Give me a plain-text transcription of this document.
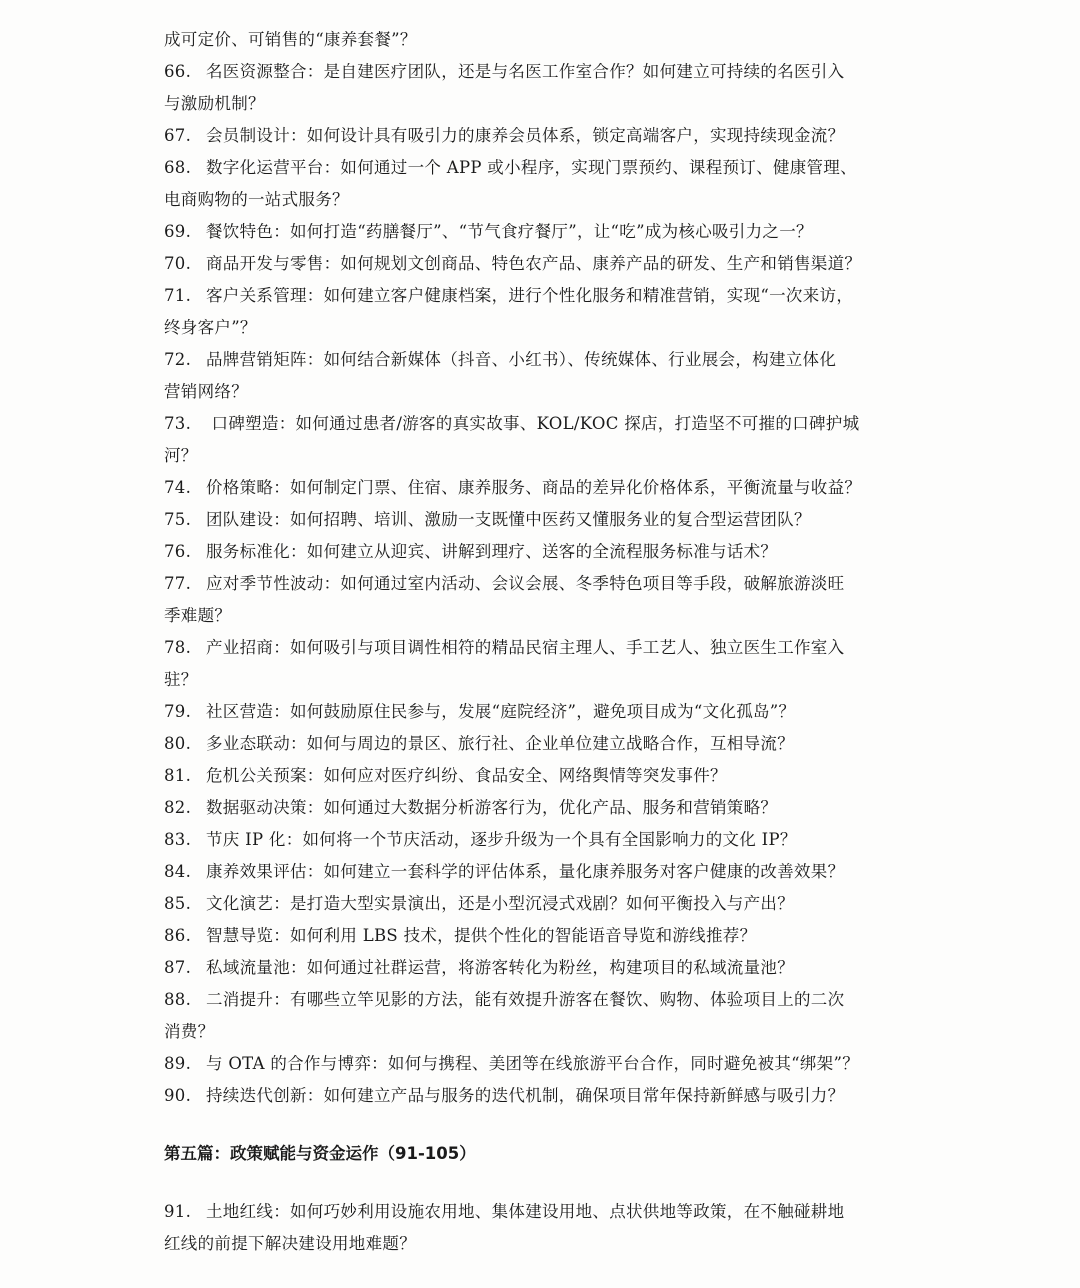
成可定价、可销售的“康养套餐”？
66. 名医资源整合：是自建医疗团队，还是与名医工作室合作？如何建立可持续的名医引入
与激励机制？
67. 会员制设计：如何设计具有吸引力的康养会员体系，锁定高端客户，实现持续现金流？
68. 数字化运营平台：如何通过一个 APP 或小程序，实现门票预约、课程预订、健康管理、
电商购物的一站式服务？
69. 餐饮特色：如何打造“药膳餐厅”、“节气食疗餐厅”，让“吃”成为核心吸引力之一？
70. 商品开发与零售：如何规划文创商品、特色农产品、康养产品的研发、生产和销售渠道？
71. 客户关系管理：如何建立客户健康档案，进行个性化服务和精准营销，实现“一次来访，
终身客户”？
72. 品牌营销矩阵：如何结合新媒体（抖音、小红书）、传统媒体、行业展会，构建立体化
营销网络？
73. 口碑塑造：如何通过患者/游客的真实故事、KOL/KOC 探店，打造坚不可摧的口碑护城
河？
74. 价格策略：如何制定门票、住宿、康养服务、商品的差异化价格体系，平衡流量与收益？
75. 团队建设：如何招聘、培训、激励一支既懂中医药又懂服务业的复合型运营团队？
76. 服务标准化：如何建立从迎宾、讲解到理疗、送客的全流程服务标准与话术？
77. 应对季节性波动：如何通过室内活动、会议会展、冬季特色项目等手段，破解旅游淡旺
季难题？
78. 产业招商：如何吸引与项目调性相符的精品民宿主理人、手工艺人、独立医生工作室入
驻？
79. 社区营造：如何鼓励原住民参与，发展“庭院经济”，避免项目成为“文化孤岛”？
80. 多业态联动：如何与周边的景区、旅行社、企业单位建立战略合作，互相导流？
81. 危机公关预案：如何应对医疗纠纷、食品安全、网络舆情等突发事件？
82. 数据驱动决策：如何通过大数据分析游客行为，优化产品、服务和营销策略？
83. 节庆 IP 化：如何将一个节庆活动，逐步升级为一个具有全国影响力的文化 IP？
84. 康养效果评估：如何建立一套科学的评估体系，量化康养服务对客户健康的改善效果？
85. 文化演艺：是打造大型实景演出，还是小型沉浸式戏剧？如何平衡投入与产出？
86. 智慧导览：如何利用 LBS 技术，提供个性化的智能语音导览和游线推荐？
87. 私域流量池：如何通过社群运营，将游客转化为粉丝，构建项目的私域流量池？
88. 二消提升：有哪些立竿见影的方法，能有效提升游客在餐饮、购物、体验项目上的二次
消费？
89. 与 OTA 的合作与博弈：如何与携程、美团等在线旅游平台合作，同时避免被其“绑架”？
90. 持续迭代创新：如何建立产品与服务的迭代机制，确保项目常年保持新鲜感与吸引力？
第五篇：政策赋能与资金运作（91-105）
91. 土地红线：如何巧妙利用设施农用地、集体建设用地、点状供地等政策，在不触碰耕地
红线的前提下解决建设用地难题？
